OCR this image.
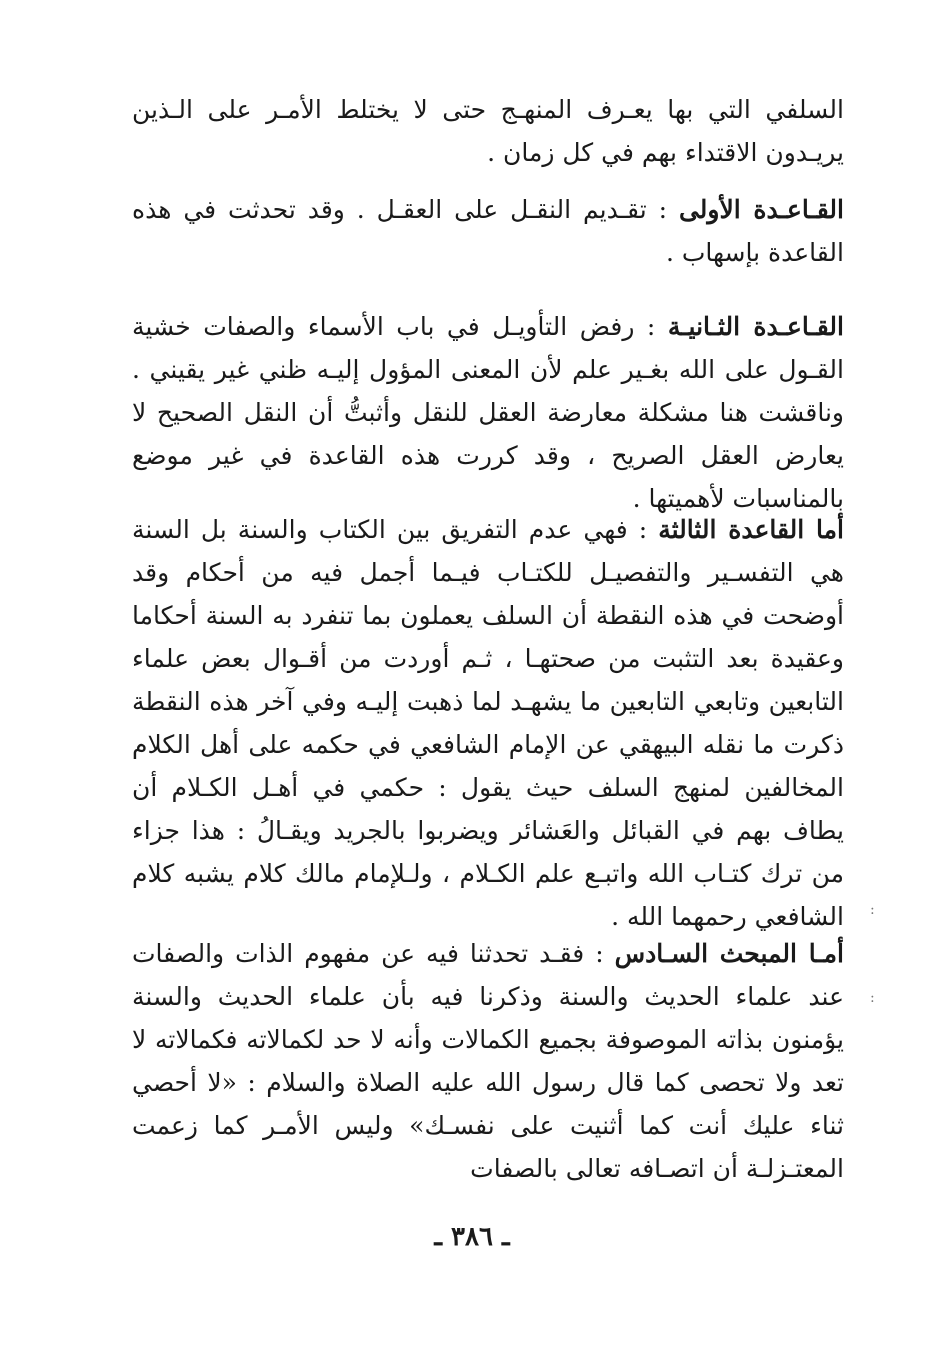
السلفي التي بها يعـرف المنهـج حتى لا يختلط الأمـر على الـذين يريـدون الاقتداء بهم في كل زمان .

القـاعـدة الأولى : تقـديم النقـل على العقـل . وقد تحدثت في هذه القاعدة بإسهاب .

القـاعـدة الثـانيـة : رفض التأويـل في باب الأسماء والصفات خشية القـول على الله بغـير علم لأن المعنى المؤول إليـه ظني غير يقيني . وناقشت هنا مشكلة معارضة العقل للنقل وأثبتُّ أن النقل الصحيح لا يعارض العقل الصريح ، وقد كررت هذه القاعدة في غير موضع بالمناسبات لأهميتها .

أما القاعدة الثالثة : فهي عدم التفريق بين الكتاب والسنة بل السنة هي التفسـير والتفصيـل للكتـاب فيـما أجمل فيه من أحكام وقد أوضحت في هذه النقطة أن السلف يعملون بما تنفرد به السنة أحكاما وعقيدة بعد التثبت من صحتهـا ، ثـم أوردت من أقـوال بعض علماء التابعين وتابعي التابعين ما يشهـد لما ذهبت إليـه وفي آخر هذه النقطة ذكرت ما نقله البيهقي عن الإمام الشافعي في حكمه على أهل الكلام المخالفين لمنهج السلف حيث يقول : حكمي في أهـل الكـلام أن يطاف بهم في القبائل والعَشائر ويضربوا بالجريد ويقـالُ : هذا جزاء من ترك كتـاب الله واتبـع علم الكـلام ، ولـلإمام مالك كلام يشبه كلام الشافعي رحمهما الله .

أمـا المبحث السـادس : فقـد تحدثنا فيه عن مفهوم الذات والصفات عند علماء الحديث والسنة وذكرنا فيه بأن علماء الحديث والسنة يؤمنون بذاته الموصوفة بجميع الكمالات وأنه لا حد لكمالاته فكمالاته لا تعد ولا تحصى كما قال رسول الله عليه الصلاة والسلام : «لا أحصي ثناء عليك أنت كما أثنيت على نفسـك» وليس الأمـر كما زعمت المعتـزلـة أن اتصـافه تعالى بالصفات

:
:
ـ ٣٨٦ ـ
